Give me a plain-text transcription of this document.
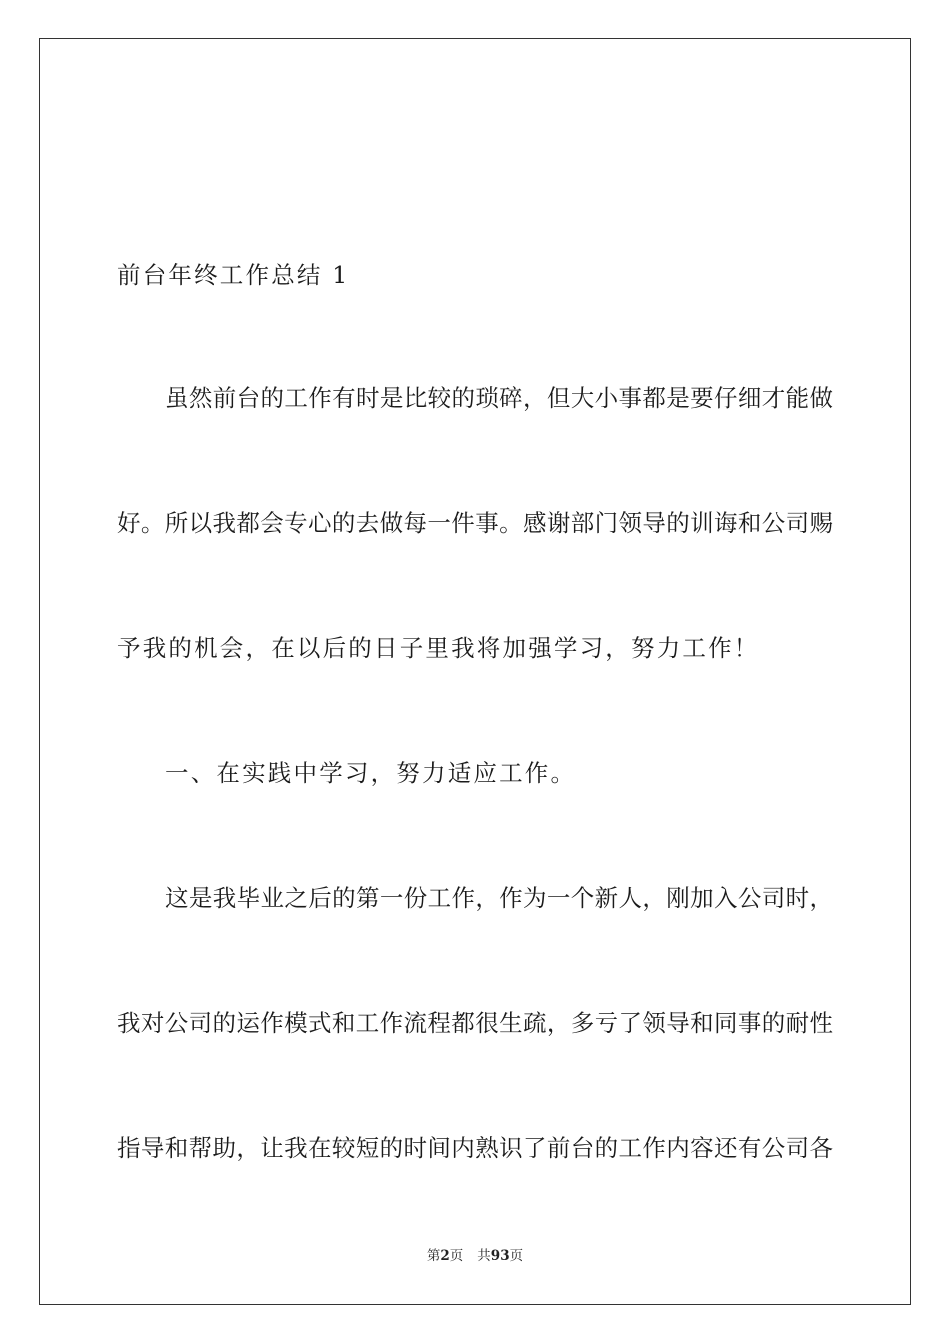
前台年终工作总结 1
虽然前台的工作有时是比较的琐碎，但大小事都是要仔细才能做
好。所以我都会专心的去做每一件事。感谢部门领导的训诲和公司赐
予我的机会，在以后的日子里我将加强学习，努力工作！
一、在实践中学习，努力适应工作。
这是我毕业之后的第一份工作，作为一个新人，刚加入公司时，
我对公司的运作模式和工作流程都很生疏，多亏了领导和同事的耐性
指导和帮助，让我在较短的时间内熟识了前台的工作内容还有公司各
第2页 共93页
